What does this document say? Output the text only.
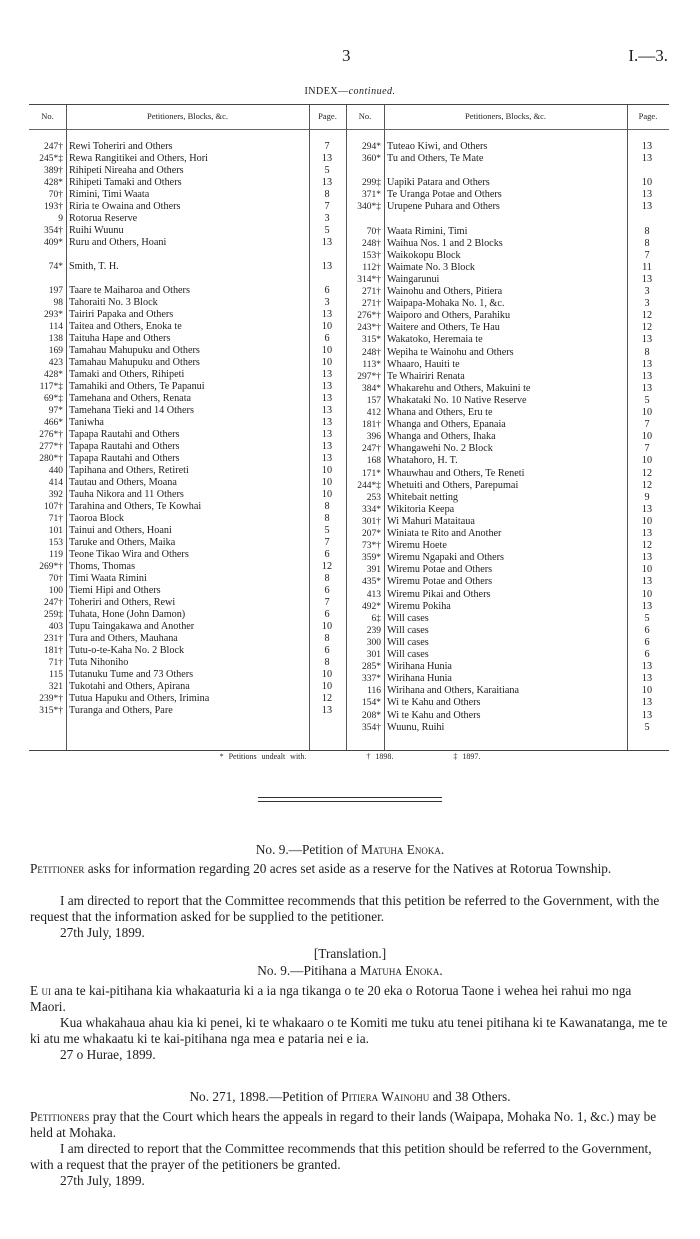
3	I.—3.
INDEX—continued.
No.	Petitioners, Blocks, &c.	Page.	No.	Petitioners, Blocks, &c.	Page.
247† Rewi Toheriri and Others	7
245*‡ Rewa Rangitikei and Others, Hori	13
389† Rihipeti Nireaha and Others	5
428* Rihipeti Tamaki and Others	13
70† Rimini, Timi Waata	8
193† Riria te Owaina and Others	7
9 Rotorua Reserve	3
354† Ruihi Wuunu	5
409* Ruru and Others, Hoani	13
74* Smith, T. H.	13
197 Taare te Maiharoa and Others	6
98 Tahoraiti No. 3 Block	3
293* Tairiri Papaka and Others	13
114 Taitea and Others, Enoka te	10
138 Taituha Hape and Others	6
169 Tamahau Mahupuku and Others	10
423 Tamahau Mahupuku and Others	10
428* Tamaki and Others, Rihipeti	13
117*‡ Tamahiki and Others, Te Papanui	13
69*‡ Tamehana and Others, Renata	13
97* Tamehana Tieki and 14 Others	13
466* Taniwha	13
276*† Tapapa Rautahi and Others	13
277*† Tapapa Rautahi and Others	13
280*† Tapapa Rautahi and Others	13
440 Tapihana and Others, Retireti	10
414 Tautau and Others, Moana	10
392 Tauha Nikora and 11 Others	10
107† Tarahina and Others, Te Kowhai	8
71† Taoroa Block	8
101 Tainui and Others, Hoani	5
153 Taruke and Others, Maika	7
119 Teone Tikao Wira and Others	6
269*† Thoms, Thomas	12
70† Timi Waata Rimini	8
100 Tiemi Hipi and Others	6
247† Toheriri and Others, Rewi	7
259‡ Tuhata, Hone (John Damon)	6
403 Tupu Taingakawa and Another	10
231† Tura and Others, Mauhana	8
181† Tutu-o-te-Kaha No. 2 Block	6
71† Tuta Nihoniho	8
115 Tutanuku Tume and 73 Others	10
321 Tukotahi and Others, Apirana	10
239*† Tutua Hapuku and Others, Irimina	12
315*† Turanga and Others, Pare	13
294* Tuteao Kiwi, and Others	13
360* Tu and Others, Te Mate	13
299‡ Uapiki Patara and Others	10
371* Te Uranga Potae and Others	13
340*‡ Urupene Puhara and Others	13
70† Waata Rimini, Timi	8
248† Waihua Nos. 1 and 2 Blocks	8
153† Waikokopu Block	7
112† Waimate No. 3 Block	11
314*† Waingarunui	13
271† Wainohu and Others, Pitiera	3
271† Waipapa-Mohaka No. 1, &c.	3
276*† Waiporo and Others, Parahiku	12
243*† Waitere and Others, Te Hau	12
315* Wakatoko, Heremaia te	13
248† Wepiha te Wainohu and Others	8
113* Whaaro, Hauiti te	13
297*† Te Whairiri Renata	13
384* Whakarehu and Others, Makuini te	13
157 Whakataki No. 10 Native Reserve	5
412 Whana and Others, Eru te	10
181† Whanga and Others, Epanaia	7
396 Whanga and Others, Ihaka	10
247† Whangawehi No. 2 Block	7
168 Whatahoro, H. T.	10
171* Whauwhau and Others, Te Reneti	12
244*‡ Whetuiti and Others, Parepumai	12
253 Whitebait netting	9
334* Wikitoria Keepa	13
301† Wi Mahuri Mataitaua	10
207* Winiata te Rito and Another	13
73*† Wiremu Hoete	12
359* Wiremu Ngapaki and Others	13
391 Wiremu Potae and Others	10
435* Wiremu Potae and Others	13
413 Wiremu Pikai and Others	10
492* Wiremu Pokiha	13
6‡ Will cases	5
239 Will cases	6
300 Will cases	6
301 Will cases	6
285* Wirihana Hunia	13
337* Wirihana Hunia	13
116 Wirihana and Others, Karaitiana	10
154* Wi te Kahu and Others	13
208* Wi te Kahu and Others	13
354† Wuunu, Ruihi	5
* Petitions undealt with.	† 1898.	‡ 1897.
No. 9.—Petition of Matuha Enoka.
Petitioner asks for information regarding 20 acres set aside as a reserve for the Natives at Rotorua Township.
I am directed to report that the Committee recommends that this petition be referred to the Government, with the request that the information asked for be supplied to the petitioner.
27th July, 1899.
[Translation.]
No. 9.—Pitihana a Matuha Enoka.
E ui ana te kai-pitihana kia whakaaturia ki a ia nga tikanga o te 20 eka o Rotorua Taone i wehea hei rahui mo nga Maori.
Kua whakahaua ahau kia ki penei, ki te whakaaro o te Komiti me tuku atu tenei pitihana ki te Kawanatanga, me te ki atu me whakaatu ki te kai-pitihana nga mea e patariа nei e ia.
27 o Hurae, 1899.
No. 271, 1898.—Petition of Pitiera Wainohu and 38 Others.
Petitioners pray that the Court which hears the appeals in regard to their lands (Waipapa, Mohaka No. 1, &c.) may be held at Mohaka.
I am directed to report that the Committee recommends that this petition should be referred to the Government, with a request that the prayer of the petitioners be granted.
27th July, 1899.
